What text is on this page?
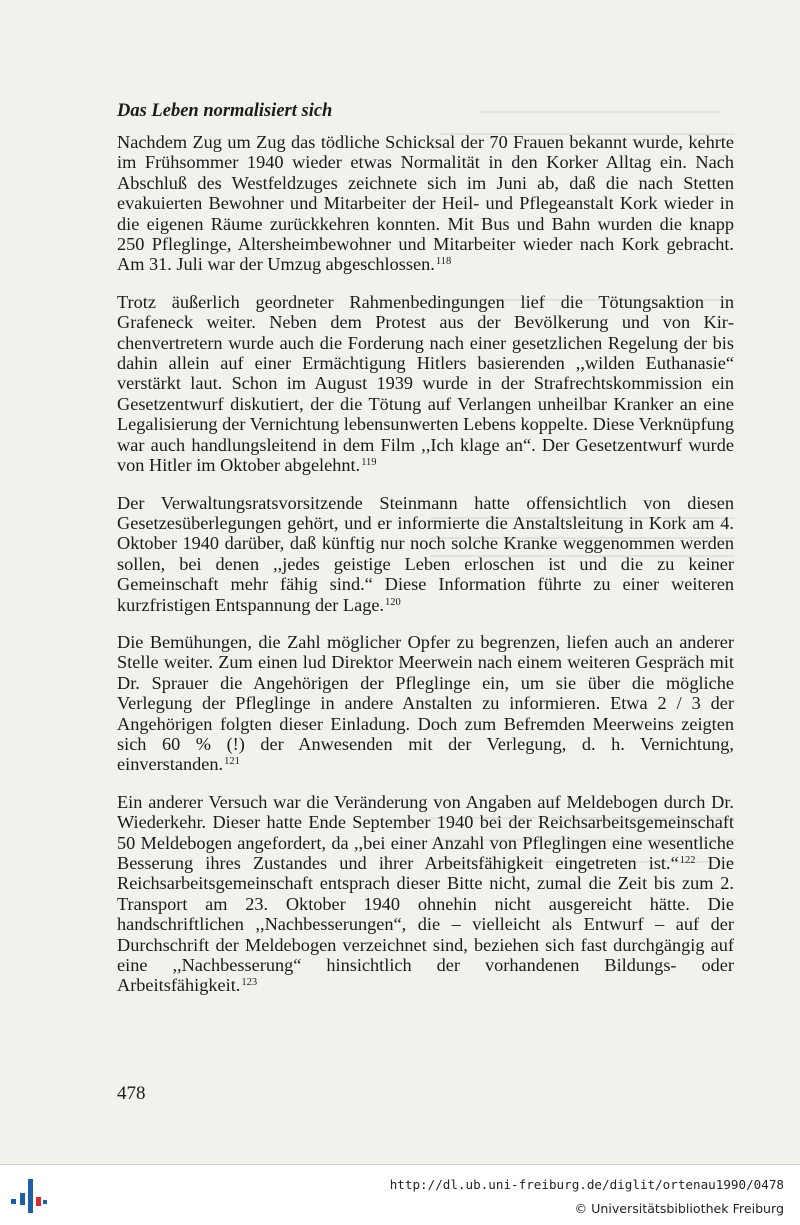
Das Leben normalisiert sich

Nachdem Zug um Zug das tödliche Schicksal der 70 Frauen bekannt wurde, kehrte im Frühsommer 1940 wieder etwas Normalität in den Korker Alltag ein. Nach Abschluß des Westfeldzuges zeichnete sich im Juni ab, daß die nach Stetten evakuierten Bewohner und Mitarbeiter der Heil- und Pflegeanstalt Kork wieder in die eigenen Räume zurückkehren konnten. Mit Bus und Bahn wurden die knapp 250 Pfleglinge, Altersheimbewohner und Mitarbeiter wieder nach Kork gebracht. Am 31. Juli war der Umzug abgeschlossen.$^{118}$

Trotz äußerlich geordneter Rahmenbedingungen lief die Tötungsaktion in Grafeneck weiter. Neben dem Protest aus der Bevölkerung und von Kirchenvertretern wurde auch die Forderung nach einer gesetzlichen Regelung der bis dahin allein auf einer Ermächtigung Hitlers basierenden ,,wilden Euthanasie“ verstärkt laut. Schon im August 1939 wurde in der Strafrechtskommission ein Gesetzentwurf diskutiert, der die Tötung auf Verlangen unheilbar Kranker an eine Legalisierung der Vernichtung lebensunwerten Lebens koppelte. Diese Verknüpfung war auch handlungsleitend in dem Film ,,Ich klage an“. Der Gesetzentwurf wurde von Hitler im Oktober abgelehnt.$^{119}$

Der Verwaltungsratsvorsitzende Steinmann hatte offensichtlich von diesen Gesetzesüberlegungen gehört, und er informierte die Anstaltsleitung in Kork am 4. Oktober 1940 darüber, daß künftig nur noch solche Kranke weggenommen werden sollen, bei denen ,,jedes geistige Leben erloschen ist und die zu keiner Gemeinschaft mehr fähig sind.“ Diese Information führte zu einer weiteren kurzfristigen Entspannung der Lage.$^{120}$

Die Bemühungen, die Zahl möglicher Opfer zu begrenzen, liefen auch an anderer Stelle weiter. Zum einen lud Direktor Meerwein nach einem weiteren Gespräch mit Dr. Sprauer die Angehörigen der Pfleglinge ein, um sie über die mögliche Verlegung der Pfleglinge in andere Anstalten zu informieren. Etwa 2 / 3 der Angehörigen folgten dieser Einladung. Doch zum Befremden Meerweins zeigten sich 60 % (!) der Anwesenden mit der Verlegung, d. h. Vernichtung, einverstanden.$^{121}$

Ein anderer Versuch war die Veränderung von Angaben auf Meldebogen durch Dr. Wiederkehr. Dieser hatte Ende September 1940 bei der Reichsarbeitsgemeinschaft 50 Meldebogen angefordert, da ,,bei einer Anzahl von Pfleglingen eine wesentliche Besserung ihres Zustandes und ihrer Arbeitsfähigkeit eingetreten ist.“$^{122}$ Die Reichsarbeitsgemeinschaft entsprach dieser Bitte nicht, zumal die Zeit bis zum 2. Transport am 23. Oktober 1940 ohnehin nicht ausgereicht hätte. Die handschriftlichen ,,Nachbesserungen“, die – vielleicht als Entwurf – auf der Durchschrift der Meldebogen verzeichnet sind, beziehen sich fast durchgängig auf eine ,,Nachbesserung“ hinsichtlich der vorhandenen Bildungs- oder Arbeitsfähigkeit.$^{123}$

478
http://dl.ub.uni-freiburg.de/diglit/ortenau1990/0478
© Universitätsbibliothek Freiburg
